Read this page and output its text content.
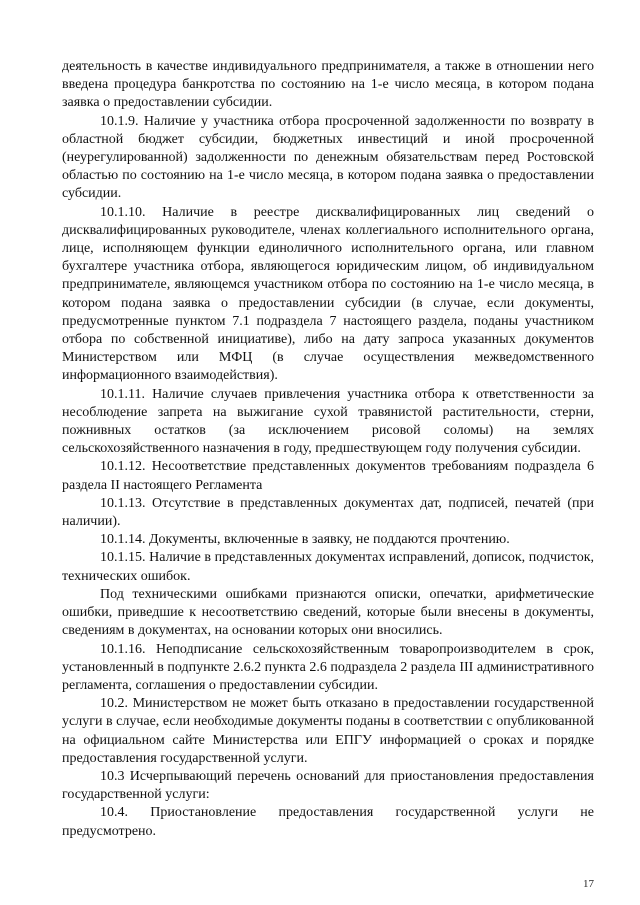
деятельность в качестве индивидуального предпринимателя, а также в отношении него введена процедура банкротства по состоянию на 1-е число месяца, в котором подана заявка о предоставлении субсидии.

10.1.9. Наличие у участника отбора просроченной задолженности по возврату в областной бюджет субсидии, бюджетных инвестиций и иной просроченной (неурегулированной) задолженности по денежным обязательствам перед Ростовской областью по состоянию на 1-е число месяца, в котором подана заявка о предоставлении субсидии.

10.1.10. Наличие в реестре дисквалифицированных лиц сведений о дисквалифицированных руководителе, членах коллегиального исполнительного органа, лице, исполняющем функции единоличного исполнительного органа, или главном бухгалтере участника отбора, являющегося юридическим лицом, об индивидуальном предпринимателе, являющемся участником отбора по состоянию на 1-е число месяца, в котором подана заявка о предоставлении субсидии (в случае, если документы, предусмотренные пунктом 7.1 подраздела 7 настоящего раздела, поданы участником отбора по собственной инициативе), либо на дату запроса указанных документов Министерством или МФЦ (в случае осуществления межведомственного информационного взаимодействия).

10.1.11. Наличие случаев привлечения участника отбора к ответственности за несоблюдение запрета на выжигание сухой травянистой растительности, стерни, пожнивных остатков (за исключением рисовой соломы) на землях сельскохозяйственного назначения в году, предшествующем году получения субсидии.

10.1.12. Несоответствие представленных документов требованиям подраздела 6 раздела II настоящего Регламента

10.1.13. Отсутствие в представленных документах дат, подписей, печатей (при наличии).

10.1.14. Документы, включенные в заявку, не поддаются прочтению.

10.1.15. Наличие в представленных документах исправлений, дописок, подчисток, технических ошибок.

Под техническими ошибками признаются описки, опечатки, арифметические ошибки, приведшие к несоответствию сведений, которые были внесены в документы, сведениям в документах, на основании которых они вносились.

10.1.16. Неподписание сельскохозяйственным товаропроизводителем в срок, установленный в подпункте 2.6.2 пункта 2.6 подраздела 2 раздела III административного регламента, соглашения о предоставлении субсидии.

10.2. Министерством не может быть отказано в предоставлении государственной услуги в случае, если необходимые документы поданы в соответствии с опубликованной на официальном сайте Министерства или ЕПГУ информацией о сроках и порядке предоставления государственной услуги.

10.3 Исчерпывающий перечень оснований для приостановления предоставления государственной услуги:

10.4. Приостановление предоставления государственной услуги не предусмотрено.

17
